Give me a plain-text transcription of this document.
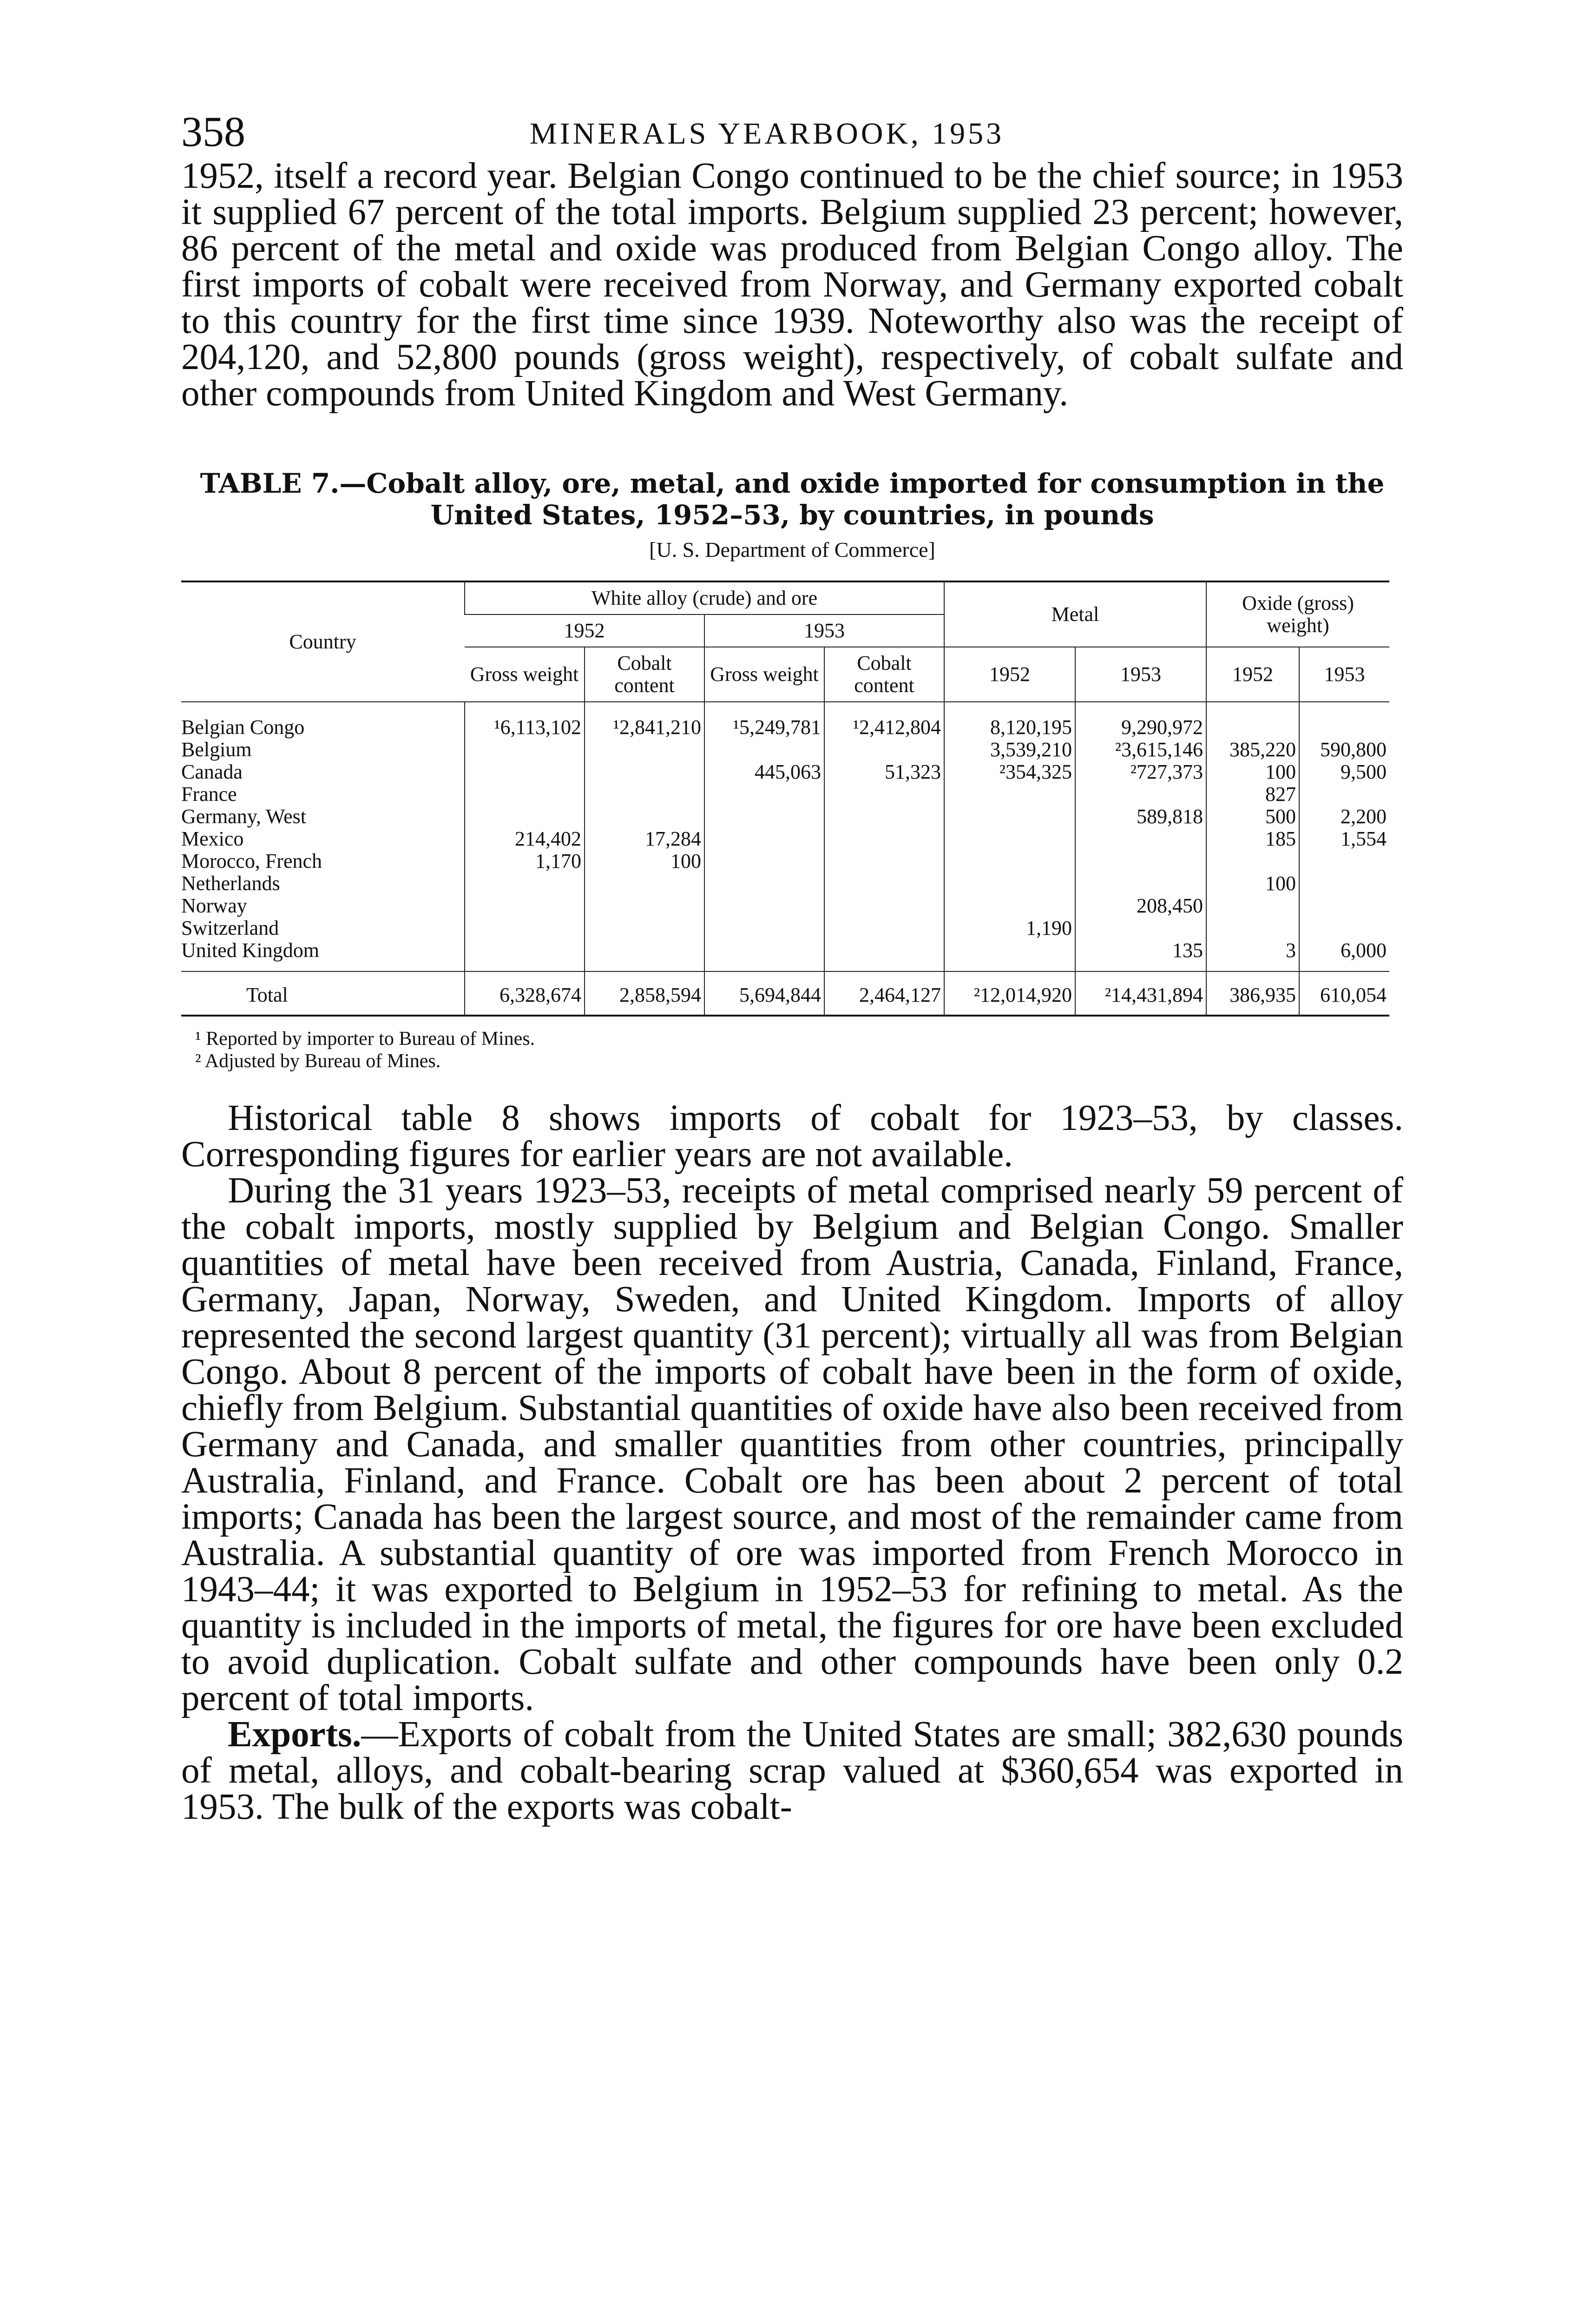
358	MINERALS YEARBOOK, 1953

1952, itself a record year. Belgian Congo continued to be the chief source; in 1953 it supplied 67 percent of the total imports. Belgium supplied 23 percent; however, 86 percent of the metal and oxide was produced from Belgian Congo alloy. The first imports of cobalt were received from Norway, and Germany exported cobalt to this country for the first time since 1939. Noteworthy also was the receipt of 204,120, and 52,800 pounds (gross weight), respectively, of cobalt sulfate and other compounds from United Kingdom and West Germany.

TABLE 7.—Cobalt alloy, ore, metal, and oxide imported for consumption in the
United States, 1952–53, by countries, in pounds
[U. S. Department of Commerce]
Country	White alloy (crude) and ore				Metal		Oxide (gross) weight)	
	1952		1953					
	Gross weight	Cobalt content	Gross weight	Cobalt content	1952	1953	1952	1953
Belgian Congo	¹6,113,102	¹2,841,210	¹5,249,781	¹2,412,804	8,120,195	9,290,972		
Belgium					3,539,210	²3,615,146	385,220	590,800
Canada			445,063	51,323	²354,325	²727,373	100	9,500
France							827	
Germany, West						589,818	500	2,200
Mexico	214,402	17,284					185	1,554
Morocco, French	1,170	100						
Netherlands							100	
Norway						208,450		
Switzerland					1,190			
United Kingdom						135	3	6,000
Total	6,328,674	2,858,594	5,694,844	2,464,127	²12,014,920	²14,431,894	386,935	610,054
¹ Reported by importer to Bureau of Mines.
² Adjusted by Bureau of Mines.

Historical table 8 shows imports of cobalt for 1923–53, by classes. Corresponding figures for earlier years are not available.

During the 31 years 1923–53, receipts of metal comprised nearly 59 percent of the cobalt imports, mostly supplied by Belgium and Belgian Congo. Smaller quantities of metal have been received from Austria, Canada, Finland, France, Germany, Japan, Norway, Sweden, and United Kingdom. Imports of alloy represented the second largest quantity (31 percent); virtually all was from Belgian Congo. About 8 percent of the imports of cobalt have been in the form of oxide, chiefly from Belgium. Substantial quantities of oxide have also been received from Germany and Canada, and smaller quantities from other countries, principally Australia, Finland, and France. Cobalt ore has been about 2 percent of total imports; Canada has been the largest source, and most of the remainder came from Australia. A substantial quantity of ore was imported from French Morocco in 1943–44; it was exported to Belgium in 1952–53 for refining to metal. As the quantity is included in the imports of metal, the figures for ore have been excluded to avoid duplication. Cobalt sulfate and other compounds have been only 0.2 percent of total imports.

Exports.—Exports of cobalt from the United States are small; 382,630 pounds of metal, alloys, and cobalt-bearing scrap valued at $360,654 was exported in 1953. The bulk of the exports was cobalt-
